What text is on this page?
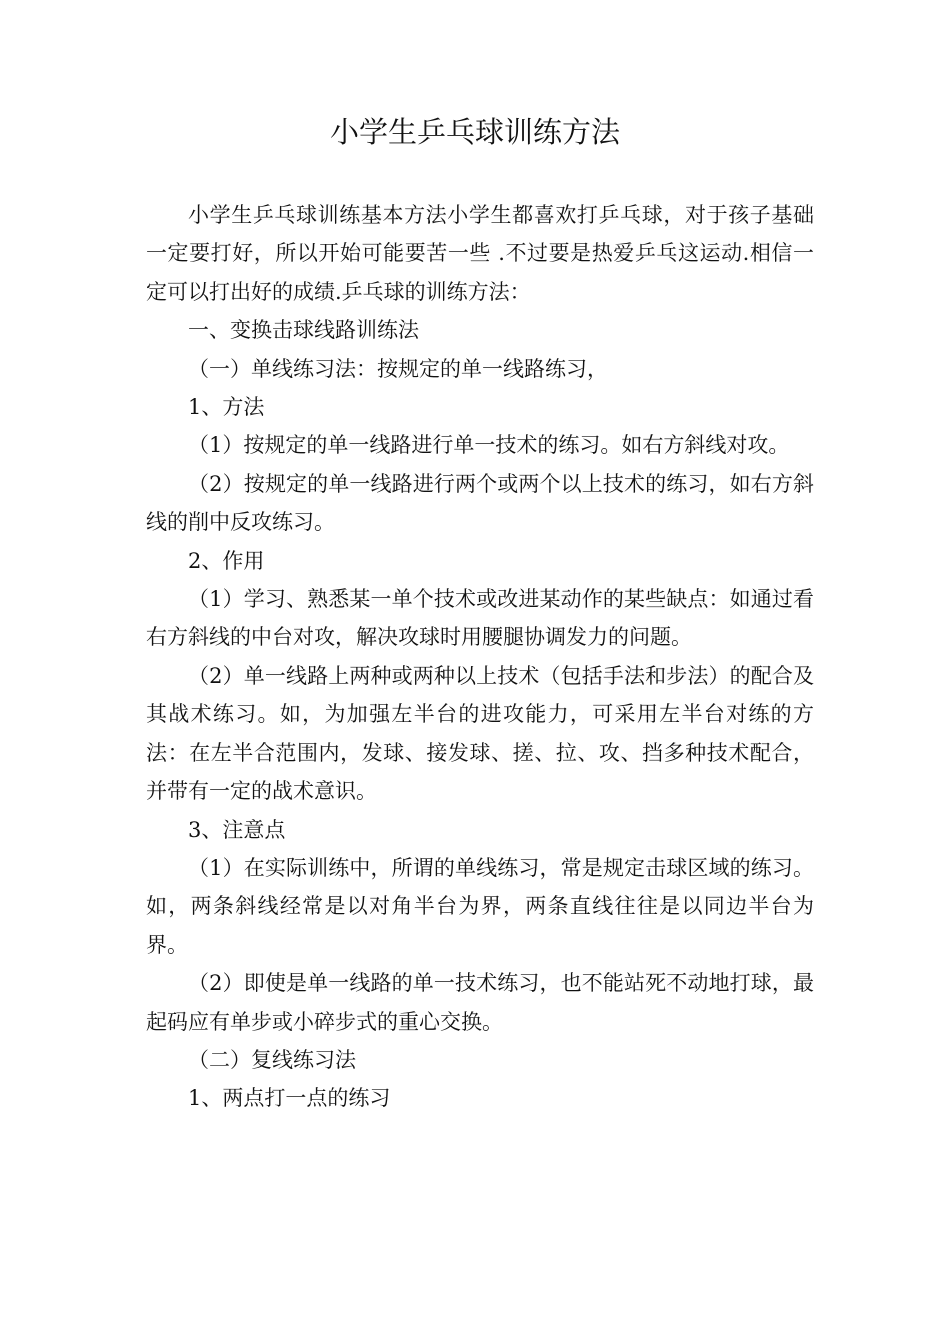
小学生乒乓球训练方法

小学生乒乓球训练基本方法小学生都喜欢打乒乓球，对于孩子基础一定要打好，所以开始可能要苦一些 .不过要是热爱乒乓这运动.相信一定可以打出好的成绩.乒乓球的训练方法：

一、变换击球线路训练法

（一）单线练习法：按规定的单一线路练习，

1、方法

（1）按规定的单一线路进行单一技术的练习。如右方斜线对攻。

（2）按规定的单一线路进行两个或两个以上技术的练习，如右方斜线的削中反攻练习。

2、作用

（1）学习、熟悉某一单个技术或改进某动作的某些缺点：如通过看右方斜线的中台对攻，解决攻球时用腰腿协调发力的问题。

（2）单一线路上两种或两种以上技术（包括手法和步法）的配合及其战术练习。如，为加强左半台的进攻能力，可采用左半台对练的方法：在左半合范围内，发球、接发球、搓、拉、攻、挡多种技术配合，并带有一定的战术意识。

3、注意点

（1）在实际训练中，所谓的单线练习，常是规定击球区域的练习。如，两条斜线经常是以对角半台为界，两条直线往往是以同边半台为界。

（2）即使是单一线路的单一技术练习，也不能站死不动地打球，最起码应有单步或小碎步式的重心交换。

（二）复线练习法

1、两点打一点的练习
